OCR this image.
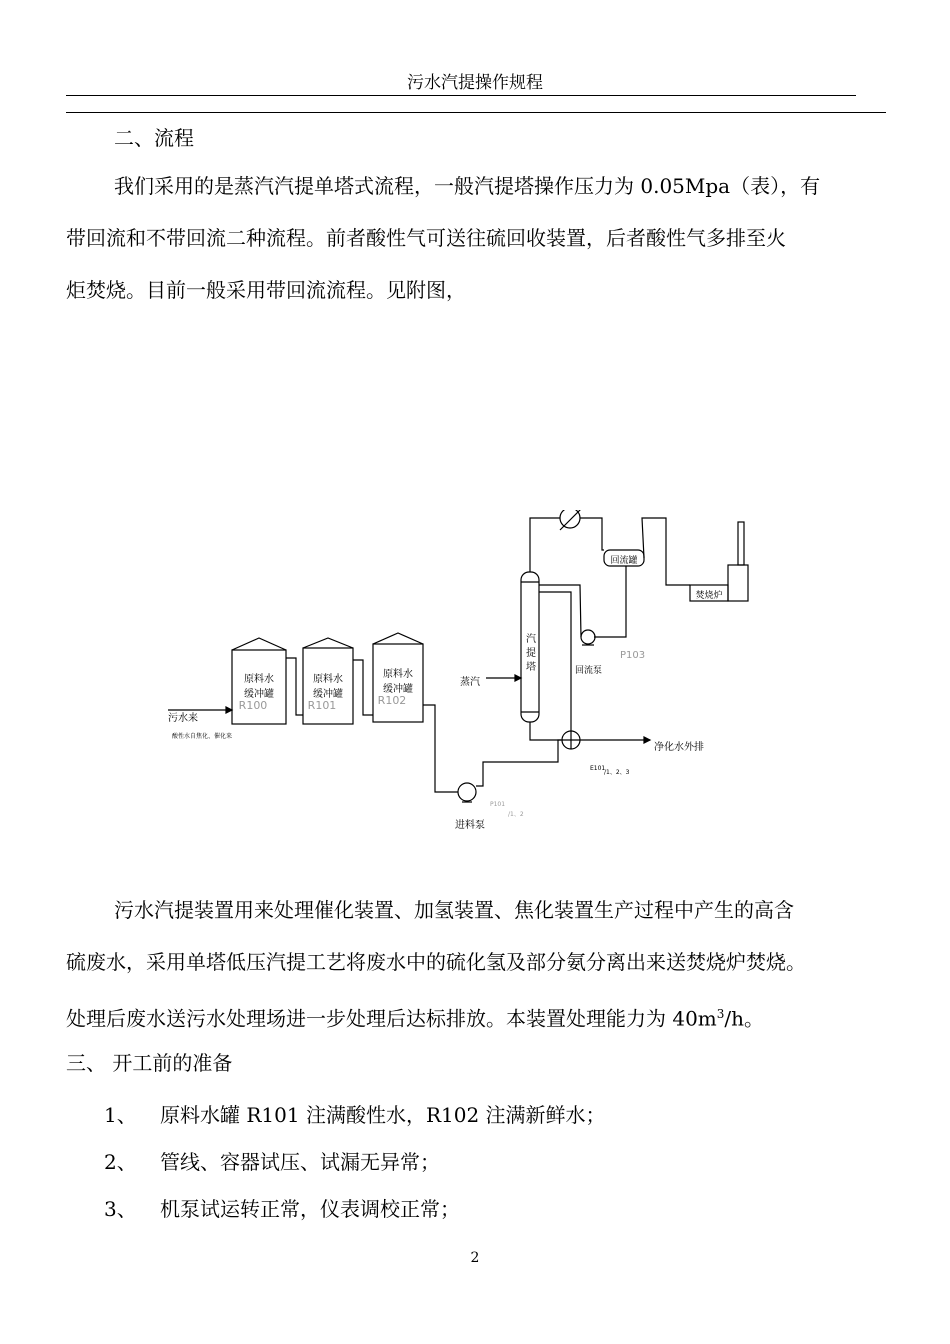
污水汽提操作规程
二、流程
我们采用的是蒸汽汽提单塔式流程，一般汽提塔操作压力为 0.05Mpa（表），有
带回流和不带回流二种流程。前者酸性气可送往硫回收装置，后者酸性气多排至火
炬焚烧。目前一般采用带回流流程。见附图，
原料水
缓冲罐
R100
原料水
缓冲罐
R101
原料水
缓冲罐
R102
污水来
酸性水自焦化、催化来
P101
/1、2
进料泵
E101
/1、2、3
净化水外排
汽
提
塔
蒸汽
回流罐
焚烧炉
回流泵
P103
污水汽提装置用来处理催化装置、加氢装置、焦化装置生产过程中产生的高含
硫废水，采用单塔低压汽提工艺将废水中的硫化氢及部分氨分离出来送焚烧炉焚烧。
处理后废水送污水处理场进一步处理后达标排放。本装置处理能力为 $40m^3/h$。
三、 开工前的准备
1、 原料水罐 R101 注满酸性水，R102 注满新鲜水；
2、 管线、容器试压、试漏无异常；
3、 机泵试运转正常，仪表调校正常；
2
